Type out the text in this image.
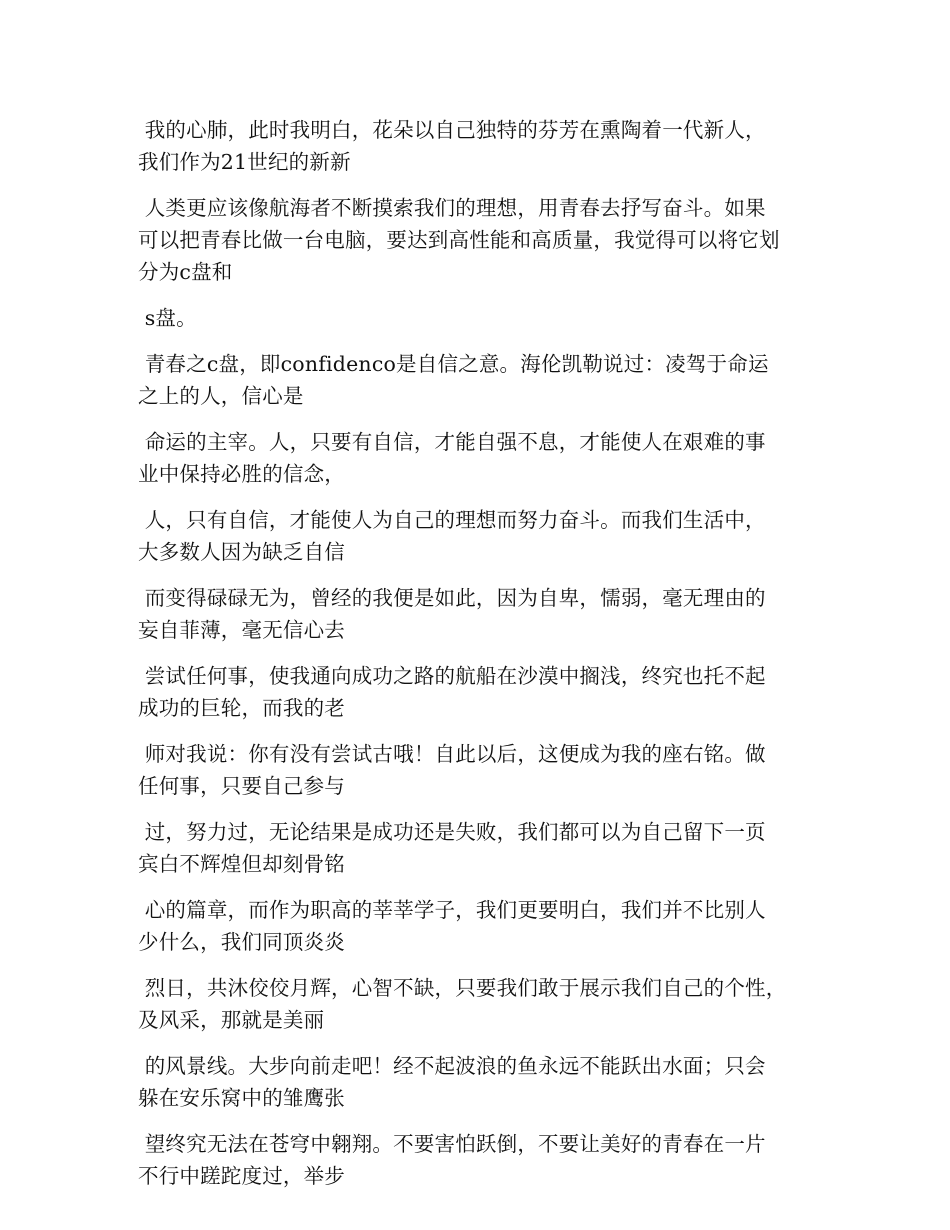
我的心肺，此时我明白，花朵以自己独特的芬芳在熏陶着一代新人，
我们作为21世纪的新新
人类更应该像航海者不断摸索我们的理想，用青春去抒写奋斗。如果
可以把青春比做一台电脑，要达到高性能和高质量，我觉得可以将它划
分为c盘和
s盘。
青春之c盘，即confidenco是自信之意。海伦凯勒说过：凌驾于命运
之上的人，信心是
命运的主宰。人，只要有自信，才能自强不息，才能使人在艰难的事
业中保持必胜的信念，
人，只有自信，才能使人为自己的理想而努力奋斗。而我们生活中，
大多数人因为缺乏自信
而变得碌碌无为，曾经的我便是如此，因为自卑，懦弱，毫无理由的
妄自菲薄，毫无信心去
尝试任何事，使我通向成功之路的航船在沙漠中搁浅，终究也托不起
成功的巨轮，而我的老
师对我说：你有没有尝试古哦！自此以后，这便成为我的座右铭。做
任何事，只要自己参与
过，努力过，无论结果是成功还是失败，我们都可以为自己留下一页
宾白不辉煌但却刻骨铭
心的篇章，而作为职高的莘莘学子，我们更要明白，我们并不比别人
少什么，我们同顶炎炎
烈日，共沐佼佼月辉，心智不缺，只要我们敢于展示我们自己的个性，
及风采，那就是美丽
的风景线。大步向前走吧！经不起波浪的鱼永远不能跃出水面；只会
躲在安乐窝中的雏鹰张
望终究无法在苍穹中翱翔。不要害怕跃倒，不要让美好的青春在一片
不行中蹉跎度过，举步
